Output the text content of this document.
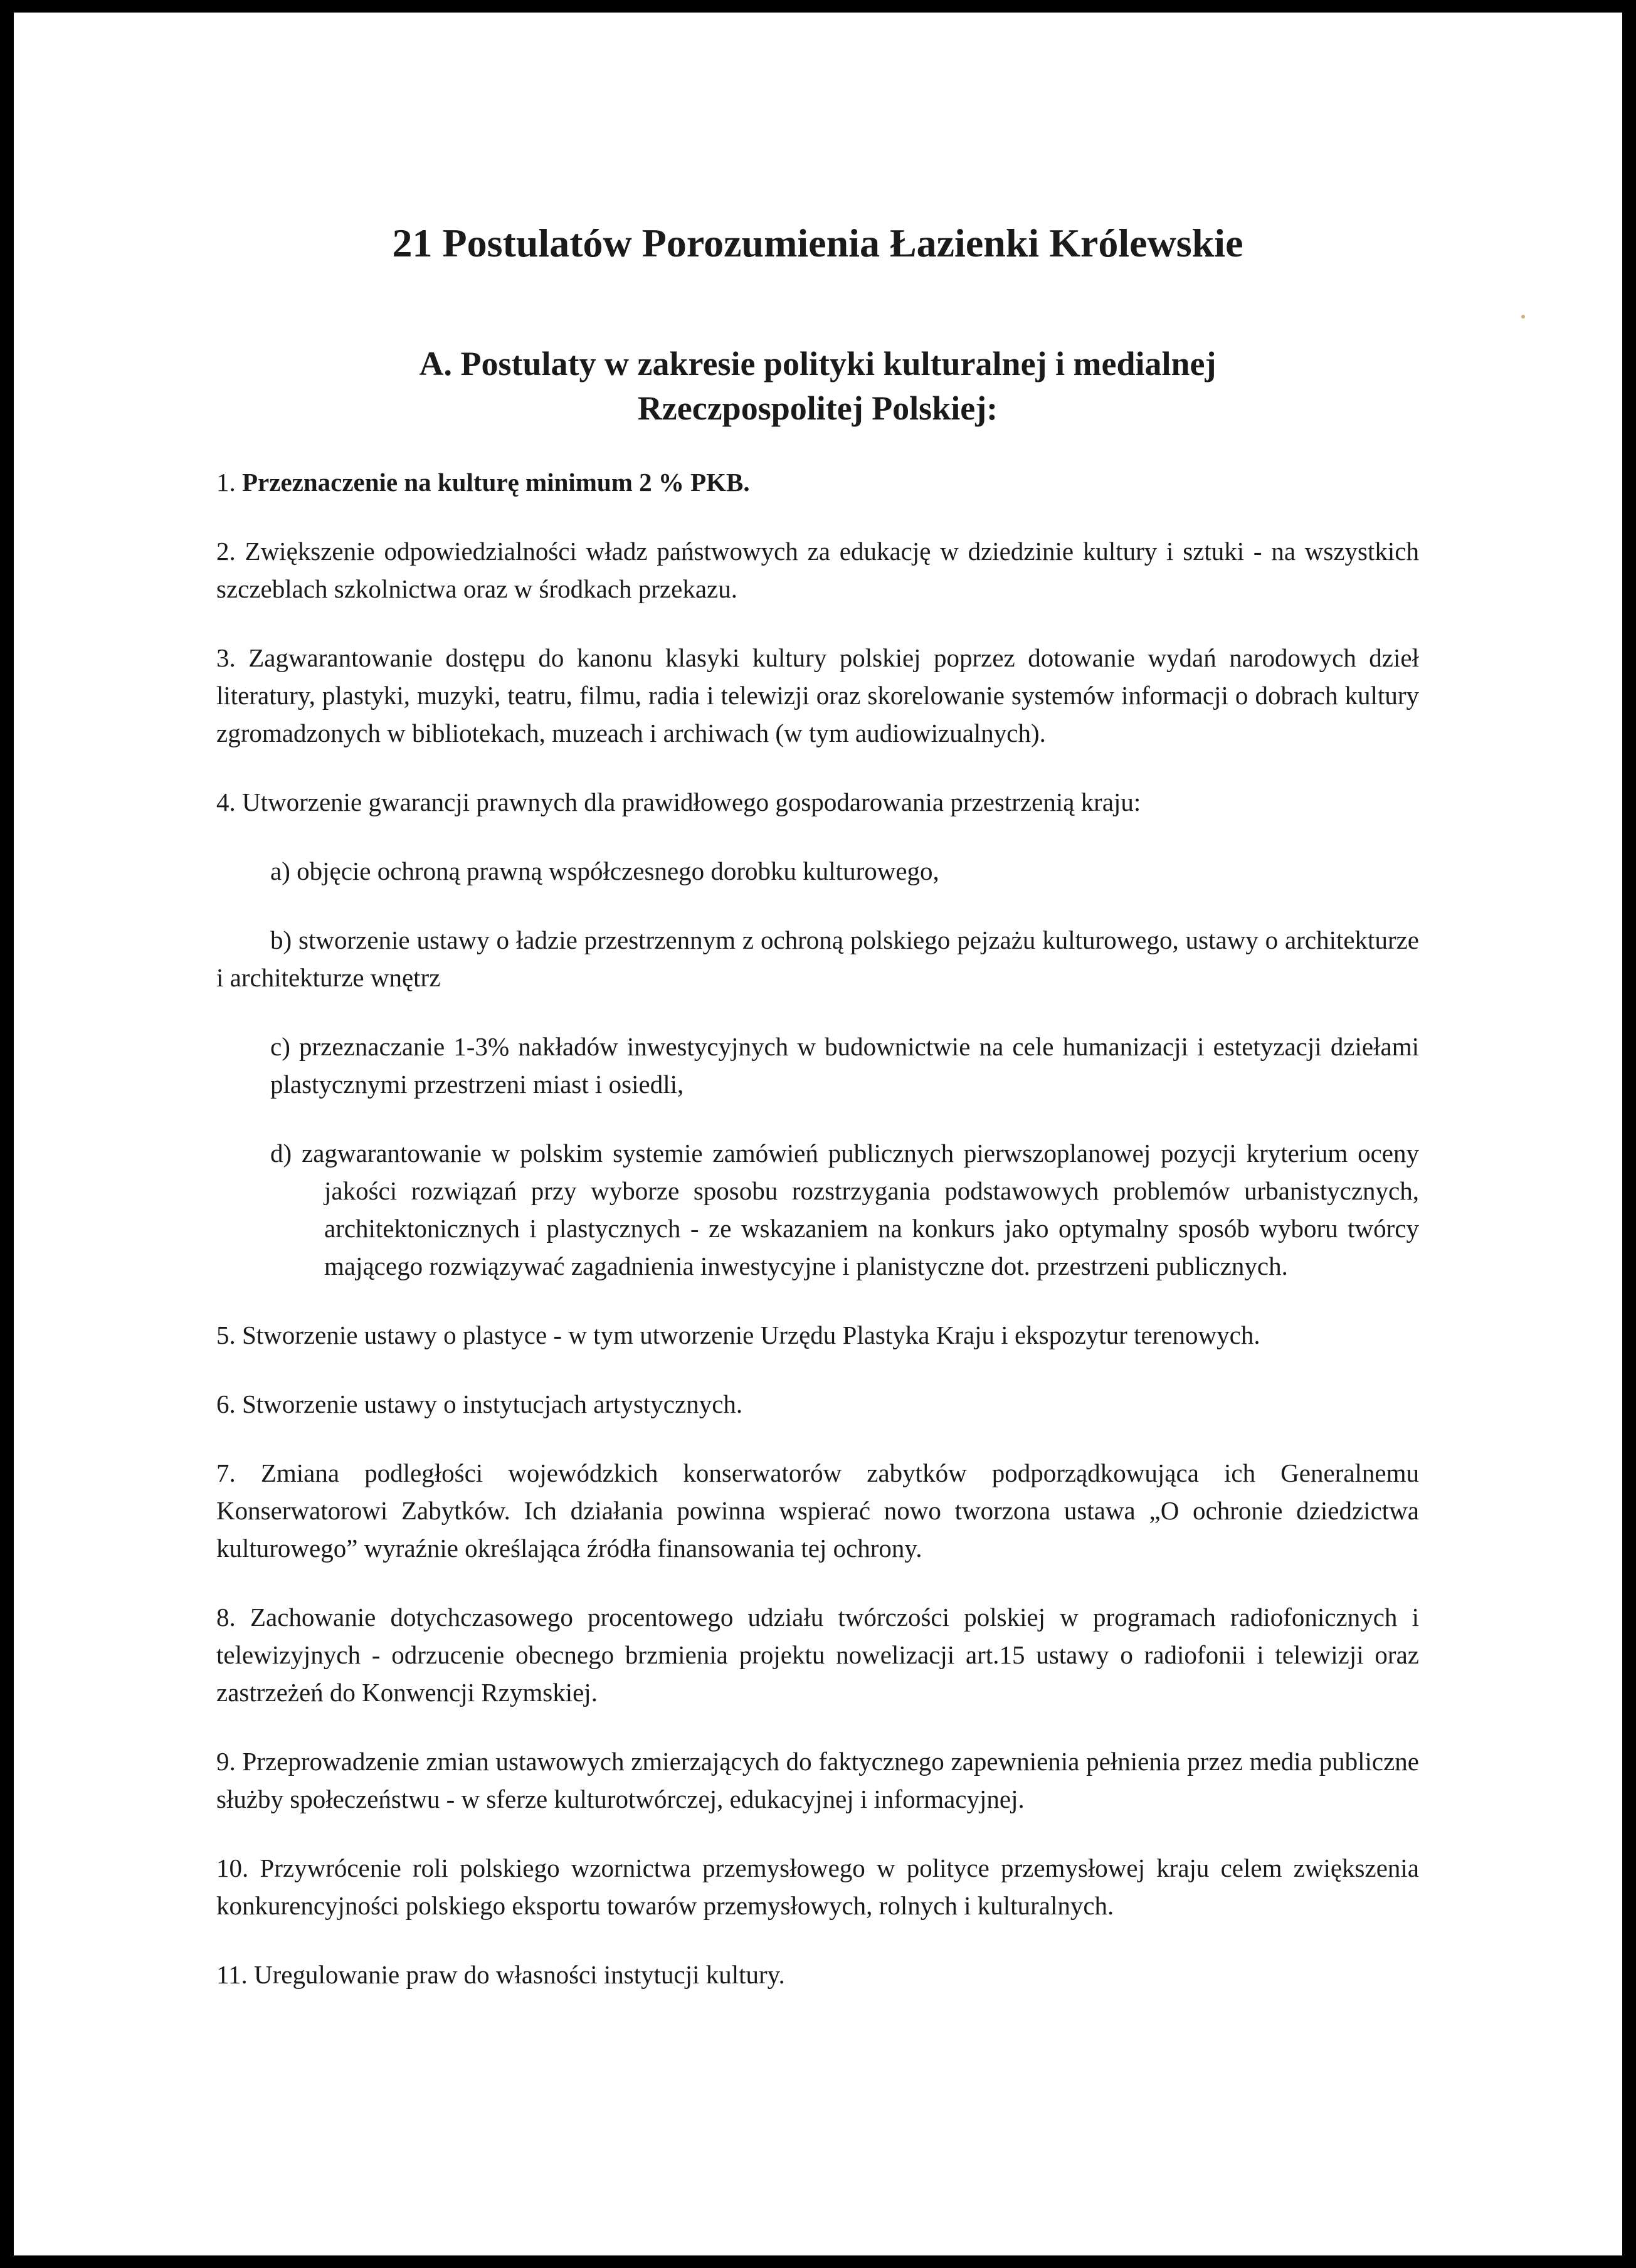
21 Postulatów Porozumienia Łazienki Królewskie
A. Postulaty w zakresie polityki kulturalnej i medialnej
Rzeczpospolitej Polskiej:

1. Przeznaczenie na kulturę minimum 2 % PKB.

2. Zwiększenie odpowiedzialności władz państwowych za edukację w dziedzinie kultury i sztuki - na wszystkich szczeblach szkolnictwa oraz w środkach przekazu.

3. Zagwarantowanie dostępu do kanonu klasyki kultury polskiej poprzez dotowanie wydań narodowych dzieł literatury, plastyki, muzyki, teatru, filmu, radia i telewizji oraz skorelowanie systemów informacji o dobrach kultury zgromadzonych w bibliotekach, muzeach i archiwach (w tym audiowizualnych).

4. Utworzenie gwarancji prawnych dla prawidłowego gospodarowania przestrzenią kraju:

a) objęcie ochroną prawną współczesnego dorobku kulturowego,

b) stworzenie ustawy o ładzie przestrzennym z ochroną polskiego pejzażu kulturowego, ustawy o architekturze i architekturze wnętrz

c) przeznaczanie 1-3% nakładów inwestycyjnych w budownictwie na cele humanizacji i estetyzacji dziełami plastycznymi przestrzeni miast i osiedli,

d) zagwarantowanie w polskim systemie zamówień publicznych pierwszoplanowej pozycji kryterium oceny jakości rozwiązań przy wyborze sposobu rozstrzygania podstawowych problemów urbanistycznych, architektonicznych i plastycznych - ze wskazaniem na konkurs jako optymalny sposób wyboru twórcy mającego rozwiązywać zagadnienia inwestycyjne i planistyczne dot. przestrzeni publicznych.

5. Stworzenie ustawy o plastyce - w tym utworzenie Urzędu Plastyka Kraju i ekspozytur terenowych.

6. Stworzenie ustawy o instytucjach artystycznych.

7. Zmiana podległości wojewódzkich konserwatorów zabytków podporządkowująca ich Generalnemu Konserwatorowi Zabytków. Ich działania powinna wspierać nowo tworzona ustawa „O ochronie dziedzictwa kulturowego” wyraźnie określająca źródła finansowania tej ochrony.

8. Zachowanie dotychczasowego procentowego udziału twórczości polskiej w programach radiofonicznych i telewizyjnych - odrzucenie obecnego brzmienia projektu nowelizacji art.15 ustawy o radiofonii i telewizji oraz zastrzeżeń do Konwencji Rzymskiej.

9. Przeprowadzenie zmian ustawowych zmierzających do faktycznego zapewnienia pełnienia przez media publiczne służby społeczeństwu - w sferze kulturotwórczej, edukacyjnej i informacyjnej.

10. Przywrócenie roli polskiego wzornictwa przemysłowego w polityce przemysłowej kraju celem zwiększenia konkurencyjności polskiego eksportu towarów przemysłowych, rolnych i kulturalnych.

11. Uregulowanie praw do własności instytucji kultury.
